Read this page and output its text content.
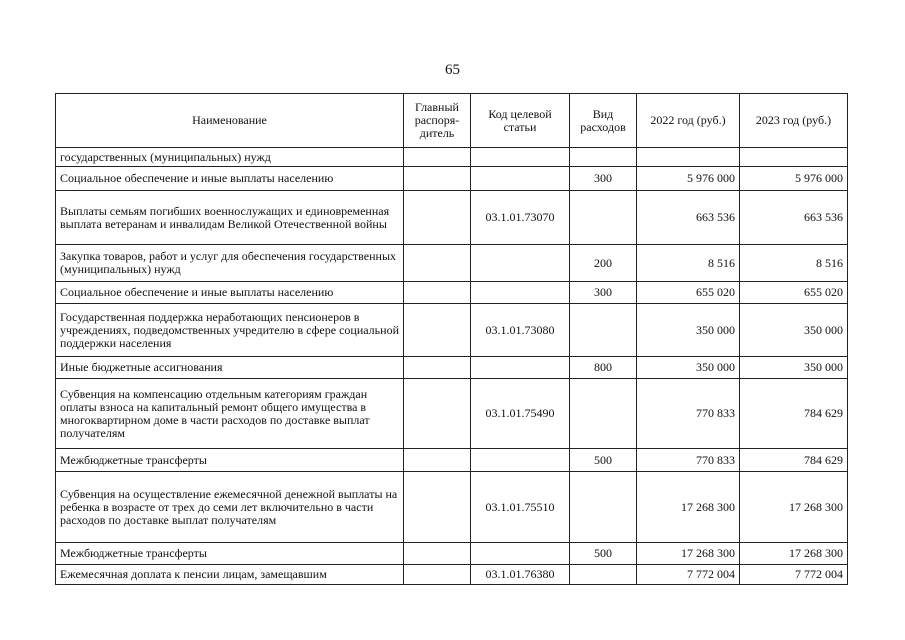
65
Наименование	Главный распоря-дитель	Код целевой статьи	Вид расходов	2022 год (руб.)	2023 год (руб.)
государственных (муниципальных) нужд					
Социальное обеспечение и иные выплаты населению			300	5 976 000	5 976 000
Выплаты семьям погибших военнослужащих и единовременная выплата ветеранам и инвалидам Великой Отечественной войны		03.1.01.73070		663 536	663 536
Закупка товаров, работ и услуг для обеспечения государственных (муниципальных) нужд			200	8 516	8 516
Социальное обеспечение и иные выплаты населению			300	655 020	655 020
Государственная поддержка неработающих пенсионеров в учреждениях, подведомственных учредителю в сфере социальной поддержки населения		03.1.01.73080		350 000	350 000
Иные бюджетные ассигнования			800	350 000	350 000
Субвенция на компенсацию отдельным категориям граждан оплаты взноса на капитальный ремонт общего имущества в многоквартирном доме в части расходов по доставке выплат получателям		03.1.01.75490		770 833	784 629
Межбюджетные трансферты			500	770 833	784 629
Субвенция на осуществление ежемесячной денежной выплаты на ребенка в возрасте от трех до семи лет включительно в части расходов по доставке выплат получателям		03.1.01.75510		17 268 300	17 268 300
Межбюджетные трансферты			500	17 268 300	17 268 300
Ежемесячная доплата к пенсии лицам, замещавшим		03.1.01.76380		7 772 004	7 772 004
